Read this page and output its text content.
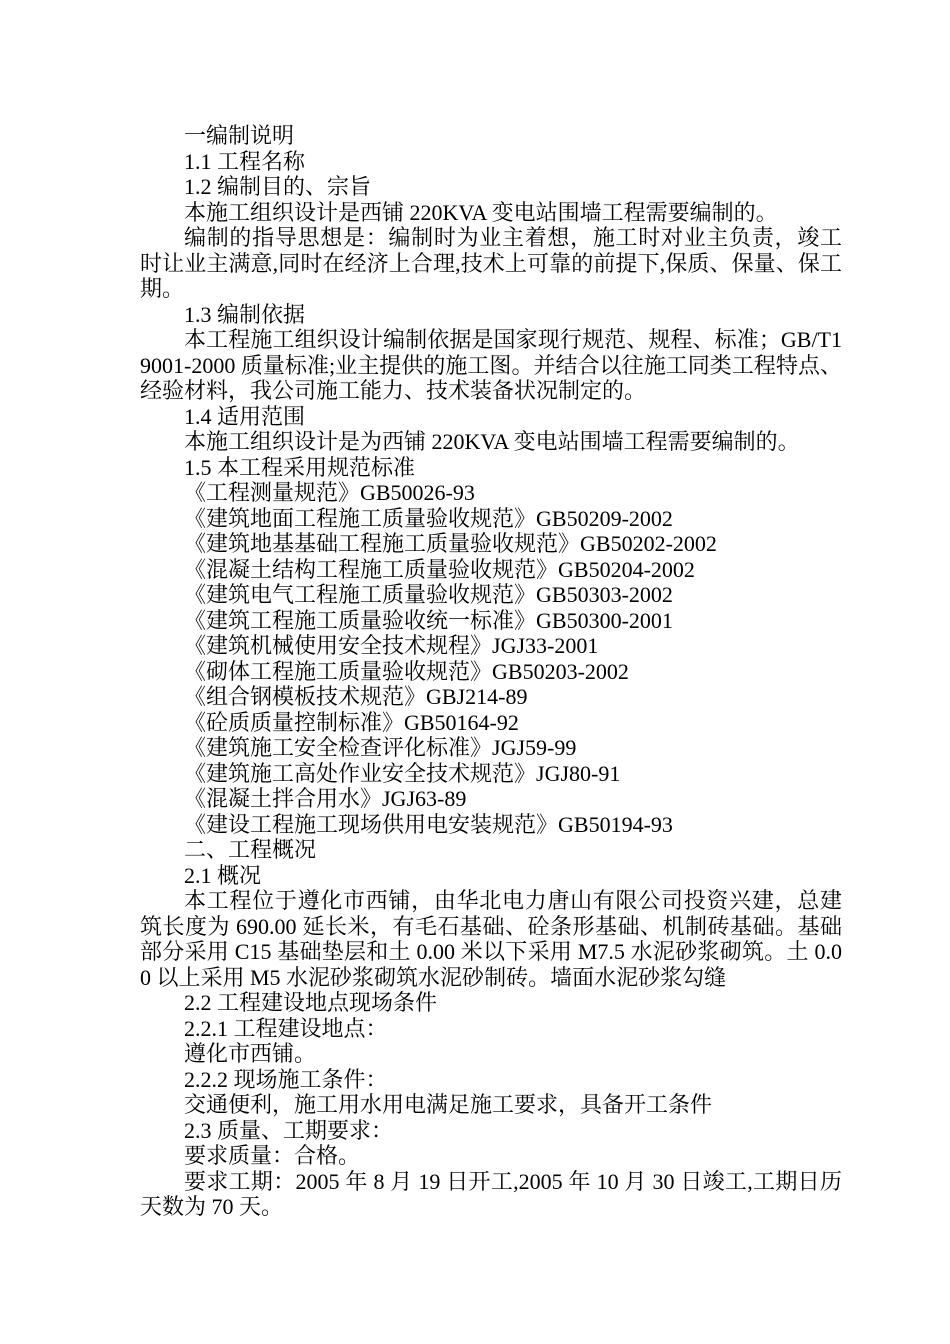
一编制说明

1.1 工程名称

1.2 编制目的、宗旨

本施工组织设计是西铺 220KVA 变电站围墙工程需要编制的。

编制的指导思想是：编制时为业主着想，施工时对业主负责，竣工时让业主满意,同时在经济上合理,技术上可靠的前提下,保质、保量、保工期。

1.3 编制依据

本工程施工组织设计编制依据是国家现行规范、规程、标准；GB/T19001-2000 质量标准;业主提供的施工图。并结合以往施工同类工程特点、经验材料，我公司施工能力、技术装备状况制定的。

1.4 适用范围

本施工组织设计是为西铺 220KVA 变电站围墙工程需要编制的。

1.5 本工程采用规范标准

《工程测量规范》GB50026-93

《建筑地面工程施工质量验收规范》GB50209-2002

《建筑地基基础工程施工质量验收规范》GB50202-2002

《混凝土结构工程施工质量验收规范》GB50204-2002

《建筑电气工程施工质量验收规范》GB50303-2002

《建筑工程施工质量验收统一标准》GB50300-2001

《建筑机械使用安全技术规程》JGJ33-2001

《砌体工程施工质量验收规范》GB50203-2002

《组合钢模板技术规范》GBJ214-89

《砼质质量控制标准》GB50164-92

《建筑施工安全检查评化标准》JGJ59-99

《建筑施工高处作业安全技术规范》JGJ80-91

《混凝土拌合用水》JGJ63-89

《建设工程施工现场供用电安装规范》GB50194-93

二、工程概况

2.1 概况

本工程位于遵化市西铺，由华北电力唐山有限公司投资兴建，总建筑长度为 690.00 延长米，有毛石基础、砼条形基础、机制砖基础。基础部分采用 C15 基础垫层和土 0.00 米以下采用 M7.5 水泥砂浆砌筑。土 0.00 以上采用 M5 水泥砂浆砌筑水泥砂制砖。墙面水泥砂浆勾缝

2.2 工程建设地点现场条件

2.2.1 工程建设地点：

遵化市西铺。

2.2.2 现场施工条件：

交通便利，施工用水用电满足施工要求，具备开工条件

2.3 质量、工期要求：

要求质量：合格。

要求工期：2005 年 8 月 19 日开工,2005 年 10 月 30 日竣工,工期日历天数为 70 天。
